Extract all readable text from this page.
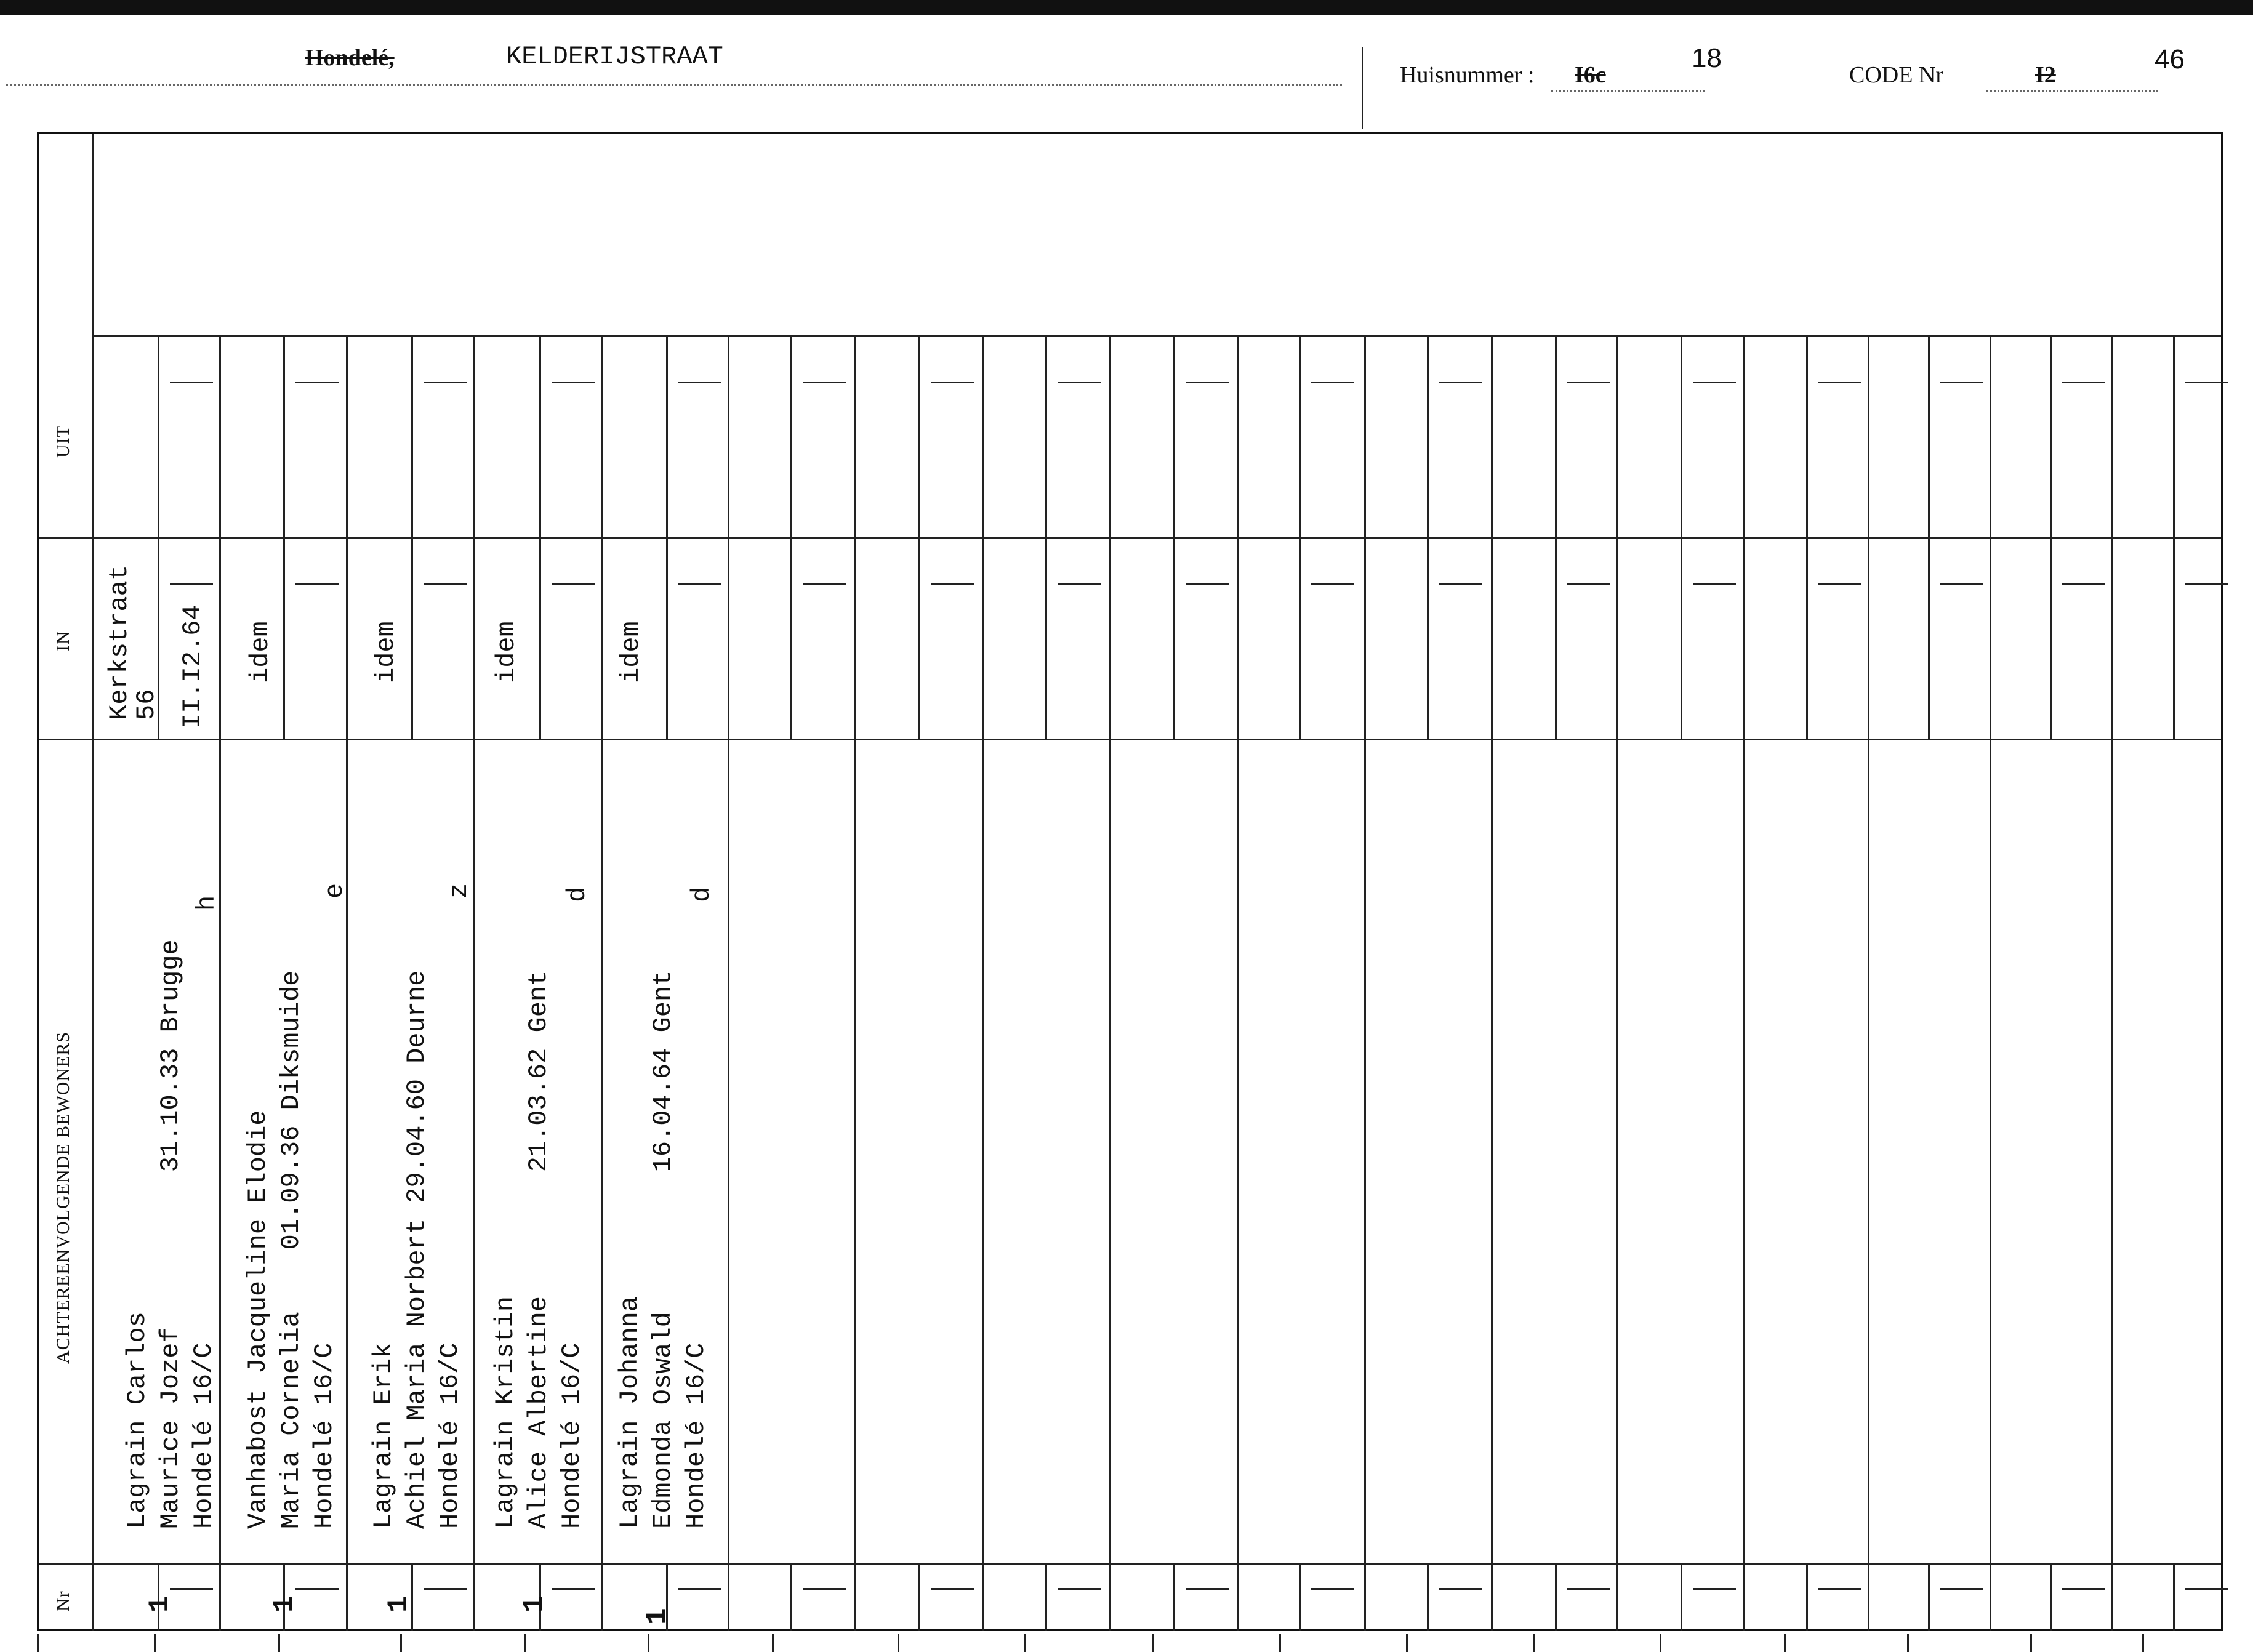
Hondelé,	KELDERIJSTRAAT
Huisnummer : I6c
18
CODE Nr	I2
46
UIT
IN
ACHTEREENVOLGENDE BEWONERS
Nr
Lagrain Carlos Maurice Jozef          31.10.33 Brugge Hondelé 16/C
h
Kerkstraat
56 II.I2.64
1
Vanhabost Jacqueline Elodie Maria Cornelia    01.09.36 Diksmuide Hondelé 16/C
e
idem
1
Lagrain Erik Achiel Maria Norbert 29.04.60 Deurne Hondelé 16/C
z
idem
1
Lagrain Kristin Alice Albertine        21.03.62 Gent Hondelé 16/C
d
idem
1
Lagrain Johanna Edmonda Oswald         16.04.64 Gent Hondelé 16/C
d
idem
1
